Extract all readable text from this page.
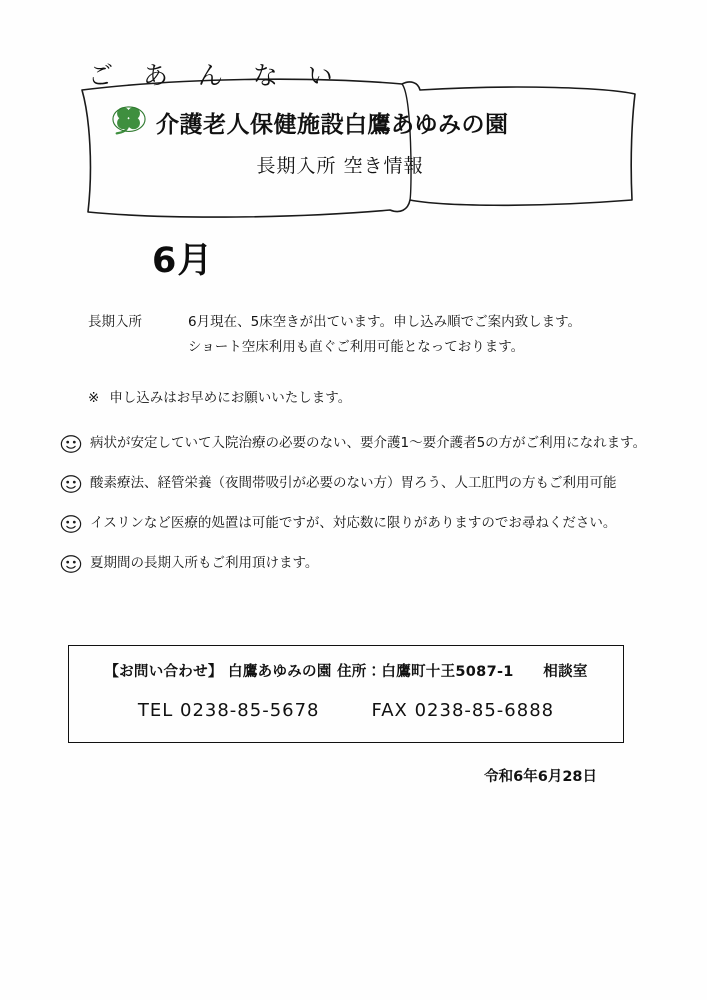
ご あ ん な い
介護老人保健施設白鷹あゆみの園
長期入所 空き情報
6月
長期入所	6月現在、5床空きが出ています。申し込み順でご案内致します。
ショート空床利用も直ぐご利用可能となっております。
※ 申し込みはお早めにお願いいたします。
病状が安定していて入院治療の必要のない、要介護1～要介護者5の方がご利用になれます。
酸素療法、経管栄養（夜間帯吸引が必要のない方）胃ろう、人工肛門の方もご利用可能
イスリンなど医療的処置は可能ですが、対応数に限りがありますのでお尋ねください。
夏期間の長期入所もご利用頂けます。
【お問い合わせ】 白鷹あゆみの園 住所：白鷹町十王5087-1　　相談室
TEL 0238-85-5678	FAX 0238-85-6888
令和6年6月28日
